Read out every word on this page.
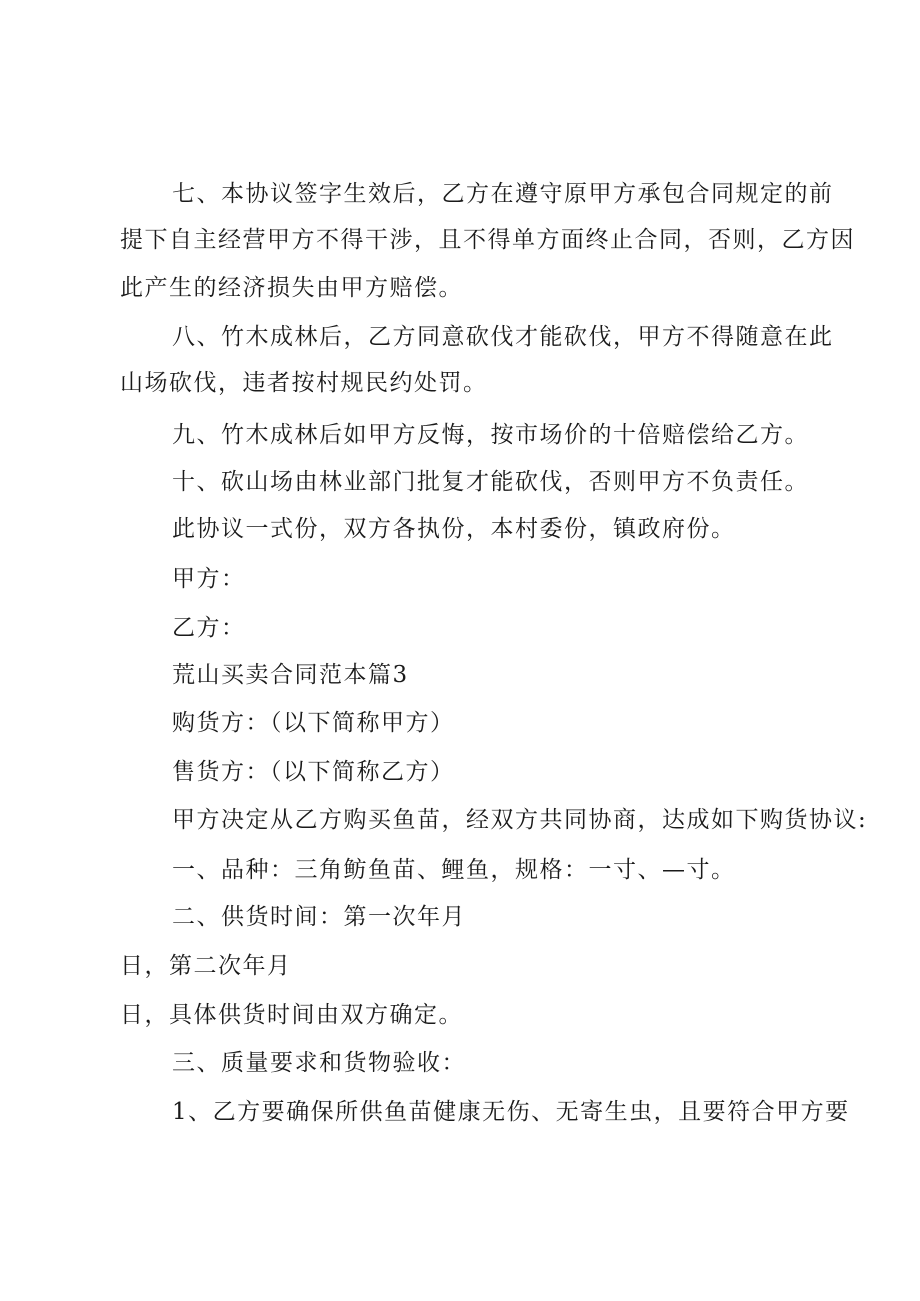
七、本协议签字生效后，乙方在遵守原甲方承包合同规定的前
提下自主经营甲方不得干涉，且不得单方面终止合同，否则，乙方因
此产生的经济损失由甲方赔偿。
八、竹木成林后，乙方同意砍伐才能砍伐，甲方不得随意在此
山场砍伐，违者按村规民约处罚。
九、竹木成林后如甲方反悔，按市场价的十倍赔偿给乙方。
十、砍山场由林业部门批复才能砍伐，否则甲方不负责任。
此协议一式份，双方各执份，本村委份，镇政府份。
甲方：
乙方：
荒山买卖合同范本篇3
购货方：（以下简称甲方）
售货方：（以下简称乙方）
甲方决定从乙方购买鱼苗，经双方共同协商，达成如下购货协议:
一、品种：三角鲂鱼苗、鲤鱼，规格：一寸、—寸。
二、供货时间：第一次年月
日，第二次年月
日，具体供货时间由双方确定。
三、质量要求和货物验收：
1、乙方要确保所供鱼苗健康无伤、无寄生虫，且要符合甲方要
